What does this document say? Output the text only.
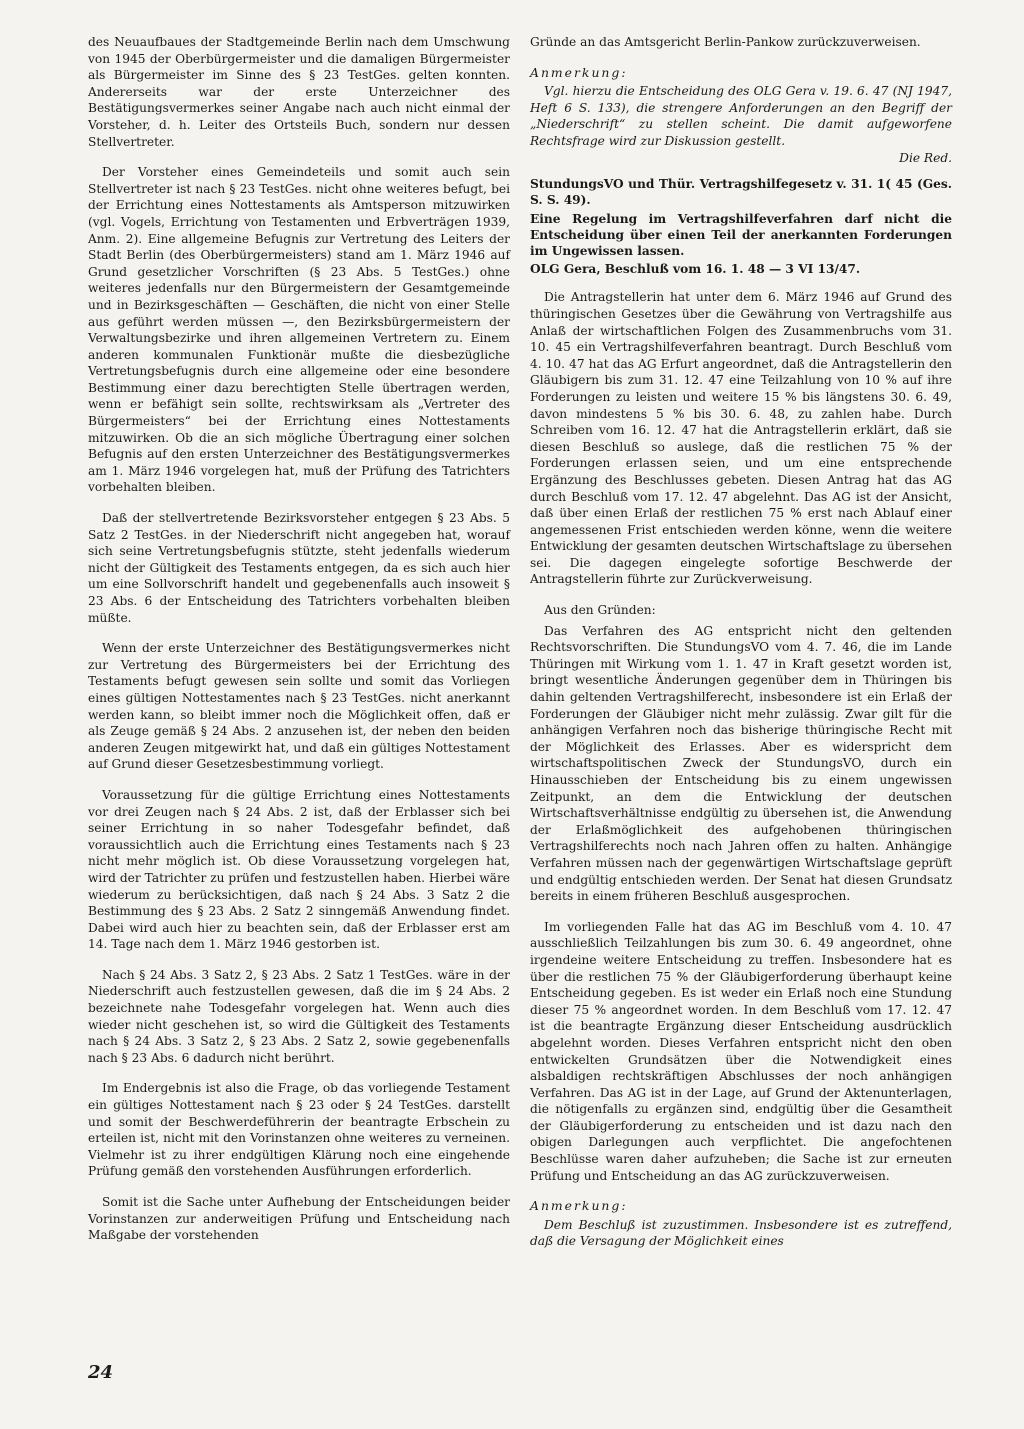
des Neuaufbaues der Stadtgemeinde Berlin nach dem Umschwung von 1945 der Oberbürgermeister und die damaligen Bürgermeister als Bürgermeister im Sinne des § 23 TestGes. gelten konnten. Andererseits war der erste Unterzeichner des Bestätigungsvermerkes seiner Angabe nach auch nicht einmal der Vorsteher, d. h. Leiter des Ortsteils Buch, sondern nur dessen Stellvertreter.

Der Vorsteher eines Gemeindeteils und somit auch sein Stellvertreter ist nach § 23 TestGes. nicht ohne weiteres befugt, bei der Errichtung eines Nottestaments als Amtsperson mitzuwirken (vgl. Vogels, Errichtung von Testamenten und Erbverträgen 1939, Anm. 2). Eine allgemeine Befugnis zur Vertretung des Leiters der Stadt Berlin (des Oberbürgermeisters) stand am 1. März 1946 auf Grund gesetzlicher Vorschriften (§ 23 Abs. 5 TestGes.) ohne weiteres jedenfalls nur den Bürgermeistern der Gesamtgemeinde und in Bezirksgeschäften — Geschäften, die nicht von einer Stelle aus geführt werden müssen —, den Bezirksbürgermeistern der Verwaltungsbezirke und ihren allgemeinen Vertretern zu. Einem anderen kommunalen Funktionär mußte die diesbezügliche Vertretungsbefugnis durch eine allgemeine oder eine besondere Bestimmung einer dazu berechtigten Stelle übertragen werden, wenn er befähigt sein sollte, rechtswirksam als „Vertreter des Bürgermeisters“ bei der Errichtung eines Nottestaments mitzuwirken. Ob die an sich mögliche Übertragung einer solchen Befugnis auf den ersten Unterzeichner des Bestätigungsvermerkes am 1. März 1946 vorgelegen hat, muß der Prüfung des Tatrichters vorbehalten bleiben.

Daß der stellvertretende Bezirksvorsteher entgegen § 23 Abs. 5 Satz 2 TestGes. in der Niederschrift nicht angegeben hat, worauf sich seine Vertretungsbefugnis stützte, steht jedenfalls wiederum nicht der Gültigkeit des Testaments entgegen, da es sich auch hier um eine Sollvorschrift handelt und gegebenenfalls auch insoweit § 23 Abs. 6 der Entscheidung des Tatrichters vorbehalten bleiben müßte.

Wenn der erste Unterzeichner des Bestätigungsvermerkes nicht zur Vertretung des Bürgermeisters bei der Errichtung des Testaments befugt gewesen sein sollte und somit das Vorliegen eines gültigen Nottestamentes nach § 23 TestGes. nicht anerkannt werden kann, so bleibt immer noch die Möglichkeit offen, daß er als Zeuge gemäß § 24 Abs. 2 anzusehen ist, der neben den beiden anderen Zeugen mitgewirkt hat, und daß ein gültiges Nottestament auf Grund dieser Gesetzesbestimmung vorliegt.

Voraussetzung für die gültige Errichtung eines Nottestaments vor drei Zeugen nach § 24 Abs. 2 ist, daß der Erblasser sich bei seiner Errichtung in so naher Todesgefahr befindet, daß voraussichtlich auch die Errichtung eines Testaments nach § 23 nicht mehr möglich ist. Ob diese Voraussetzung vorgelegen hat, wird der Tatrichter zu prüfen und festzustellen haben. Hierbei wäre wiederum zu berücksichtigen, daß nach § 24 Abs. 3 Satz 2 die Bestimmung des § 23 Abs. 2 Satz 2 sinngemäß Anwendung findet. Dabei wird auch hier zu beachten sein, daß der Erblasser erst am 14. Tage nach dem 1. März 1946 gestorben ist.

Nach § 24 Abs. 3 Satz 2, § 23 Abs. 2 Satz 1 TestGes. wäre in der Niederschrift auch festzustellen gewesen, daß die im § 24 Abs. 2 bezeichnete nahe Todesgefahr vorgelegen hat. Wenn auch dies wieder nicht geschehen ist, so wird die Gültigkeit des Testaments nach § 24 Abs. 3 Satz 2, § 23 Abs. 2 Satz 2, sowie gegebenenfalls nach § 23 Abs. 6 dadurch nicht berührt.

Im Endergebnis ist also die Frage, ob das vorliegende Testament ein gültiges Nottestament nach § 23 oder § 24 TestGes. darstellt und somit der Beschwerdeführerin der beantragte Erbschein zu erteilen ist, nicht mit den Vorinstanzen ohne weiteres zu verneinen. Vielmehr ist zu ihrer endgültigen Klärung noch eine eingehende Prüfung gemäß den vorstehenden Ausführungen erforderlich.

Somit ist die Sache unter Aufhebung der Entscheidungen beider Vorinstanzen zur anderweitigen Prüfung und Entscheidung nach Maßgabe der vorstehenden

Gründe an das Amtsgericht Berlin-Pankow zurückzuverweisen.

Anmerkung:

Vgl. hierzu die Entscheidung des OLG Gera v. 19. 6. 47 (NJ 1947, Heft 6 S. 133), die strengere Anforderungen an den Begriff der „Niederschrift“ zu stellen scheint. Die damit aufgeworfene Rechtsfrage wird zur Diskussion gestellt.
Die Red.

StundungsVO und Thür. Vertragshilfegesetz v. 31. 1( 45 (Ges. S. S. 49).

Eine Regelung im Vertragshilfeverfahren darf nicht die Entscheidung über einen Teil der anerkannten Forderungen im Ungewissen lassen.

OLG Gera, Beschluß vom 16. 1. 48 — 3 VI 13/47.

Die Antragstellerin hat unter dem 6. März 1946 auf Grund des thüringischen Gesetzes über die Gewährung von Vertragshilfe aus Anlaß der wirtschaftlichen Folgen des Zusammenbruchs vom 31. 10. 45 ein Vertragshilfeverfahren beantragt. Durch Beschluß vom 4. 10. 47 hat das AG Erfurt angeordnet, daß die Antragstellerin den Gläubigern bis zum 31. 12. 47 eine Teilzahlung von 10 % auf ihre Forderungen zu leisten und weitere 15 % bis längstens 30. 6. 49, davon mindestens 5 % bis 30. 6. 48, zu zahlen habe. Durch Schreiben vom 16. 12. 47 hat die Antragstellerin erklärt, daß sie diesen Beschluß so auslege, daß die restlichen 75 % der Forderungen erlassen seien, und um eine entsprechende Ergänzung des Beschlusses gebeten. Diesen Antrag hat das AG durch Beschluß vom 17. 12. 47 abgelehnt. Das AG ist der Ansicht, daß über einen Erlaß der restlichen 75 % erst nach Ablauf einer angemessenen Frist entschieden werden könne, wenn die weitere Entwicklung der gesamten deutschen Wirtschaftslage zu übersehen sei. Die dagegen eingelegte sofortige Beschwerde der Antragstellerin führte zur Zurückverweisung.

Aus den Gründen:

Das Verfahren des AG entspricht nicht den geltenden Rechtsvorschriften. Die StundungsVO vom 4. 7. 46, die im Lande Thüringen mit Wirkung vom 1. 1. 47 in Kraft gesetzt worden ist, bringt wesentliche Änderungen gegenüber dem in Thüringen bis dahin geltenden Vertragshilferecht, insbesondere ist ein Erlaß der Forderungen der Gläubiger nicht mehr zulässig. Zwar gilt für die anhängigen Verfahren noch das bisherige thüringische Recht mit der Möglichkeit des Erlasses. Aber es widerspricht dem wirtschaftspolitischen Zweck der StundungsVO, durch ein Hinausschieben der Entscheidung bis zu einem ungewissen Zeitpunkt, an dem die Entwicklung der deutschen Wirtschaftsverhältnisse endgültig zu übersehen ist, die Anwendung der Erlaßmöglichkeit des aufgehobenen thüringischen Vertragshilferechts noch nach Jahren offen zu halten. Anhängige Verfahren müssen nach der gegenwärtigen Wirtschaftslage geprüft und endgültig entschieden werden. Der Senat hat diesen Grundsatz bereits in einem früheren Beschluß ausgesprochen.

Im vorliegenden Falle hat das AG im Beschluß vom 4. 10. 47 ausschließlich Teilzahlungen bis zum 30. 6. 49 angeordnet, ohne irgendeine weitere Entscheidung zu treffen. Insbesondere hat es über die restlichen 75 % der Gläubigerforderung überhaupt keine Entscheidung gegeben. Es ist weder ein Erlaß noch eine Stundung dieser 75 % angeordnet worden. In dem Beschluß vom 17. 12. 47 ist die beantragte Ergänzung dieser Entscheidung ausdrücklich abgelehnt worden. Dieses Verfahren entspricht nicht den oben entwickelten Grundsätzen über die Notwendigkeit eines alsbaldigen rechtskräftigen Abschlusses der noch anhängigen Verfahren. Das AG ist in der Lage, auf Grund der Aktenunterlagen, die nötigenfalls zu ergänzen sind, endgültig über die Gesamtheit der Gläubigerforderung zu entscheiden und ist dazu nach den obigen Darlegungen auch verpflichtet. Die angefochtenen Beschlüsse waren daher aufzuheben; die Sache ist zur erneuten Prüfung und Entscheidung an das AG zurückzuverweisen.

Anmerkung:

Dem Beschluß ist zuzustimmen. Insbesondere ist es zutreffend, daß die Versagung der Möglichkeit eines

24
